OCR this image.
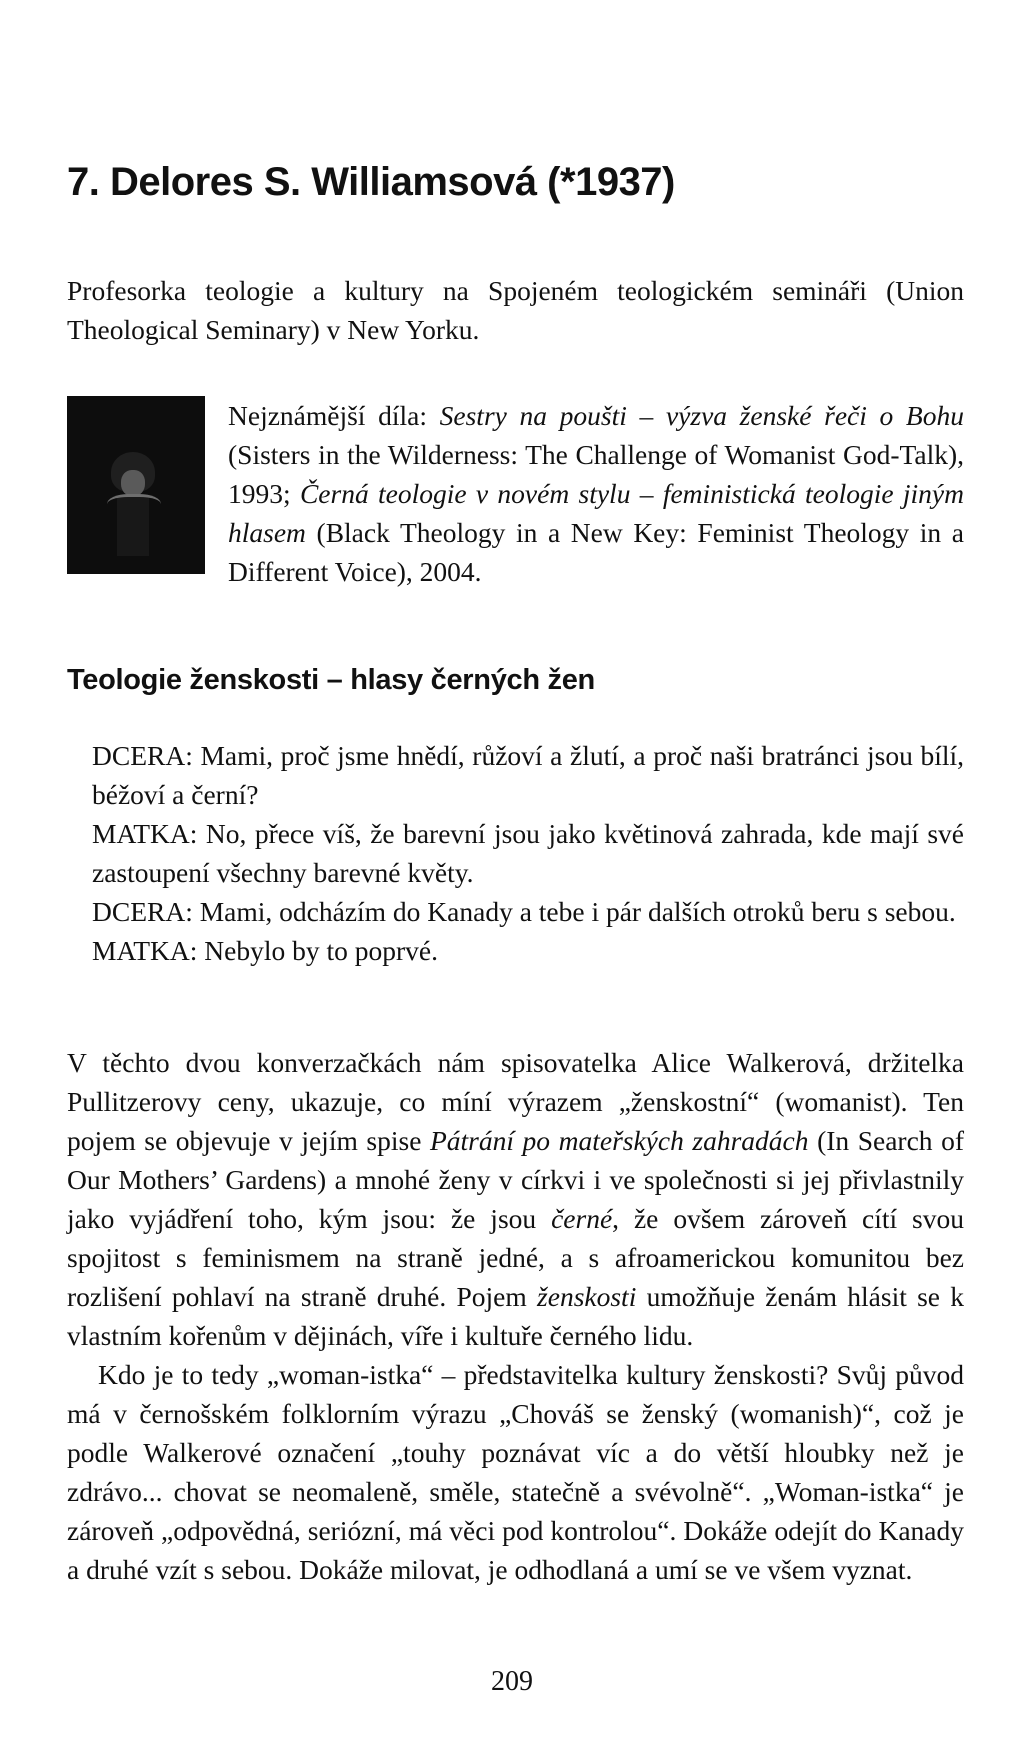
7. Delores S. Williamsová (*1937)

Profesorka teologie a kultury na Spojeném teologickém semináři (Union Theological Seminary) v New Yorku.

Nejznámější díla: Sestry na poušti – výzva ženské řeči o Bohu (Sisters in the Wilderness: The Challenge of Womanist God-Talk), 1993; Černá teologie v novém stylu – feministická teologie jiným hlasem (Black Theology in a New Key: Feminist Theology in a Different Voice), 2004.

Teologie ženskosti – hlasy černých žen

DCERA: Mami, proč jsme hnědí, růžoví a žlutí, a proč naši bratránci jsou bílí, béžoví a černí?

MATKA: No, přece víš, že barevní jsou jako květinová zahrada, kde mají své zastoupení všechny barevné květy.

DCERA: Mami, odcházím do Kanady a tebe i pár dalších otroků beru s sebou.

MATKA: Nebylo by to poprvé.

V těchto dvou konverzačkách nám spisovatelka Alice Walkerová, držitelka Pullitzerovy ceny, ukazuje, co míní výrazem „ženskostní“ (womanist). Ten pojem se objevuje v jejím spise Pátrání po mateřských zahradách (In Search of Our Mothers’ Gardens) a mnohé ženy v církvi i ve společnosti si jej přivlastnily jako vyjádření toho, kým jsou: že jsou černé, že ovšem zároveň cítí svou spojitost s feminismem na straně jedné, a s afroamerickou komunitou bez rozlišení pohlaví na straně druhé. Pojem ženskosti umožňuje ženám hlásit se k vlastním kořenům v dějinách, víře i kultuře černého lidu.

Kdo je to tedy „woman-istka“ – představitelka kultury ženskosti? Svůj původ má v černošském folklorním výrazu „Chováš se ženský (womanish)“, což je podle Walkerové označení „touhy poznávat víc a do větší hloubky než je zdrávo... chovat se neomaleně, směle, statečně a svévolně“. „Woman-istka“ je zároveň „odpovědná, seriózní, má věci pod kontrolou“. Dokáže odejít do Kanady a druhé vzít s sebou. Dokáže milovat, je odhodlaná a umí se ve všem vyznat.

209
